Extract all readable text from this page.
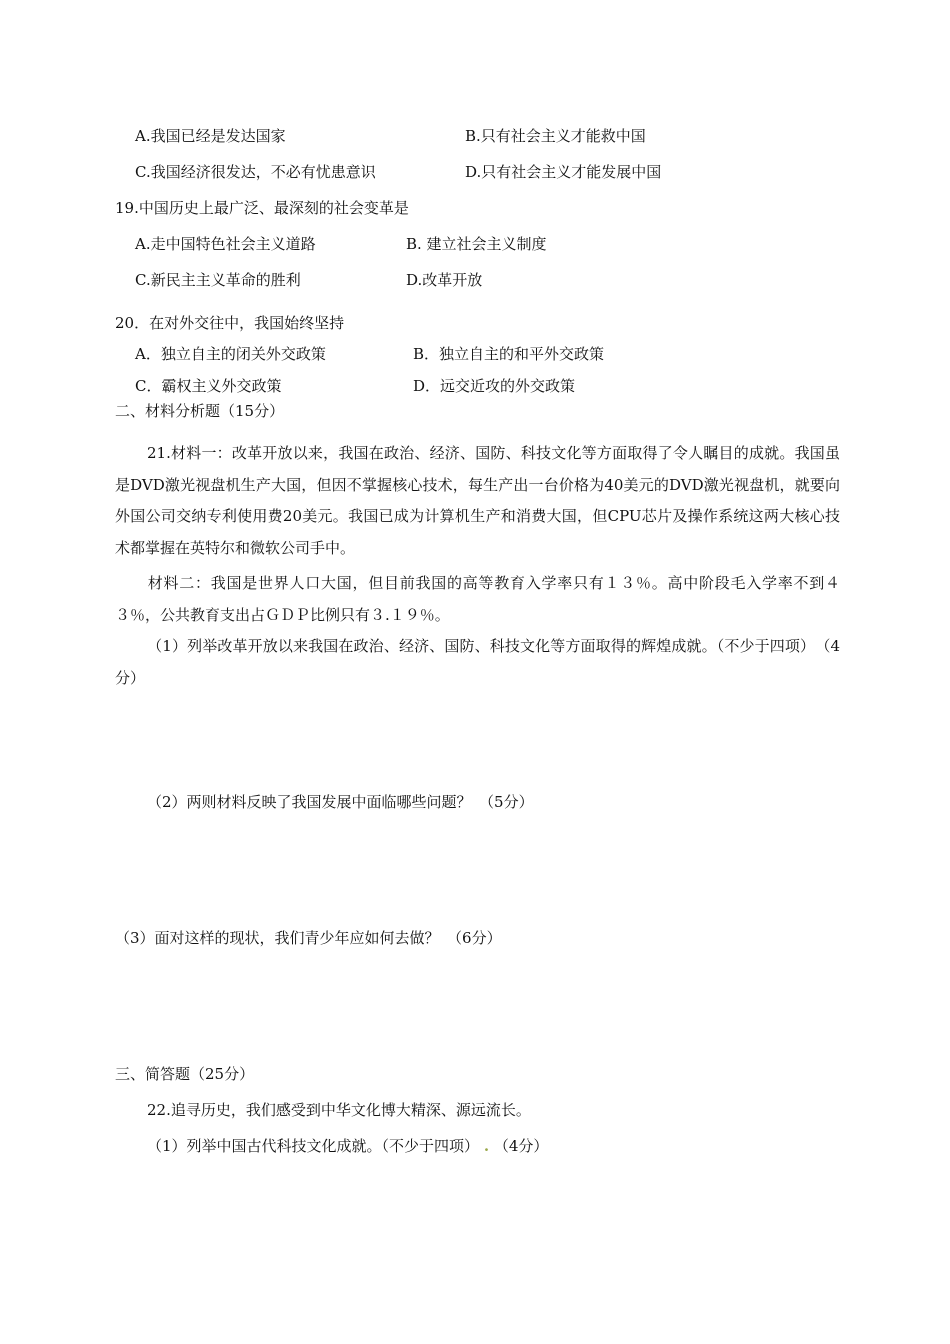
A.我国已经是发达国家	B.只有社会主义才能救中国
C.我国经济很发达，不必有忧患意识	D.只有社会主义才能发展中国
19.中国历史上最广泛、最深刻的社会变革是
A.走中国特色社会主义道路	B. 建立社会主义制度
C.新民主主义革命的胜利	D.改革开放
20．在对外交往中，我国始终坚持
A．独立自主的闭关外交政策	B．独立自主的和平外交政策
C．霸权主义外交政策	D．远交近攻的外交政策
二、材料分析题（15分）
21.材料一：改革开放以来，我国在政治、经济、国防、科技文化等方面取得了令人瞩目的成就。我国虽是DVD激光视盘机生产大国，但因不掌握核心技术，每生产出一台价格为40美元的DVD激光视盘机，就要向外国公司交纳专利使用费20美元。我国已成为计算机生产和消费大国，但CPU芯片及操作系统这两大核心技术都掌握在英特尔和微软公司手中。
材料二：我国是世界人口大国，但目前我国的高等教育入学率只有１３％。高中阶段毛入学率不到４３％，公共教育支出占ＧＤＰ比例只有３.１９％。
（1）列举改革开放以来我国在政治、经济、国防、科技文化等方面取得的辉煌成就。（不少于四项）　（4分）
（2）两则材料反映了我国发展中面临哪些问题？　（5分）
（3）面对这样的现状，我们青少年应如何去做？　（6分）
三、简答题（25分）
22.追寻历史，我们感受到中华文化博大精深、源远流长。
（1）列举中国古代科技文化成就。（不少于四项） . （4分）
